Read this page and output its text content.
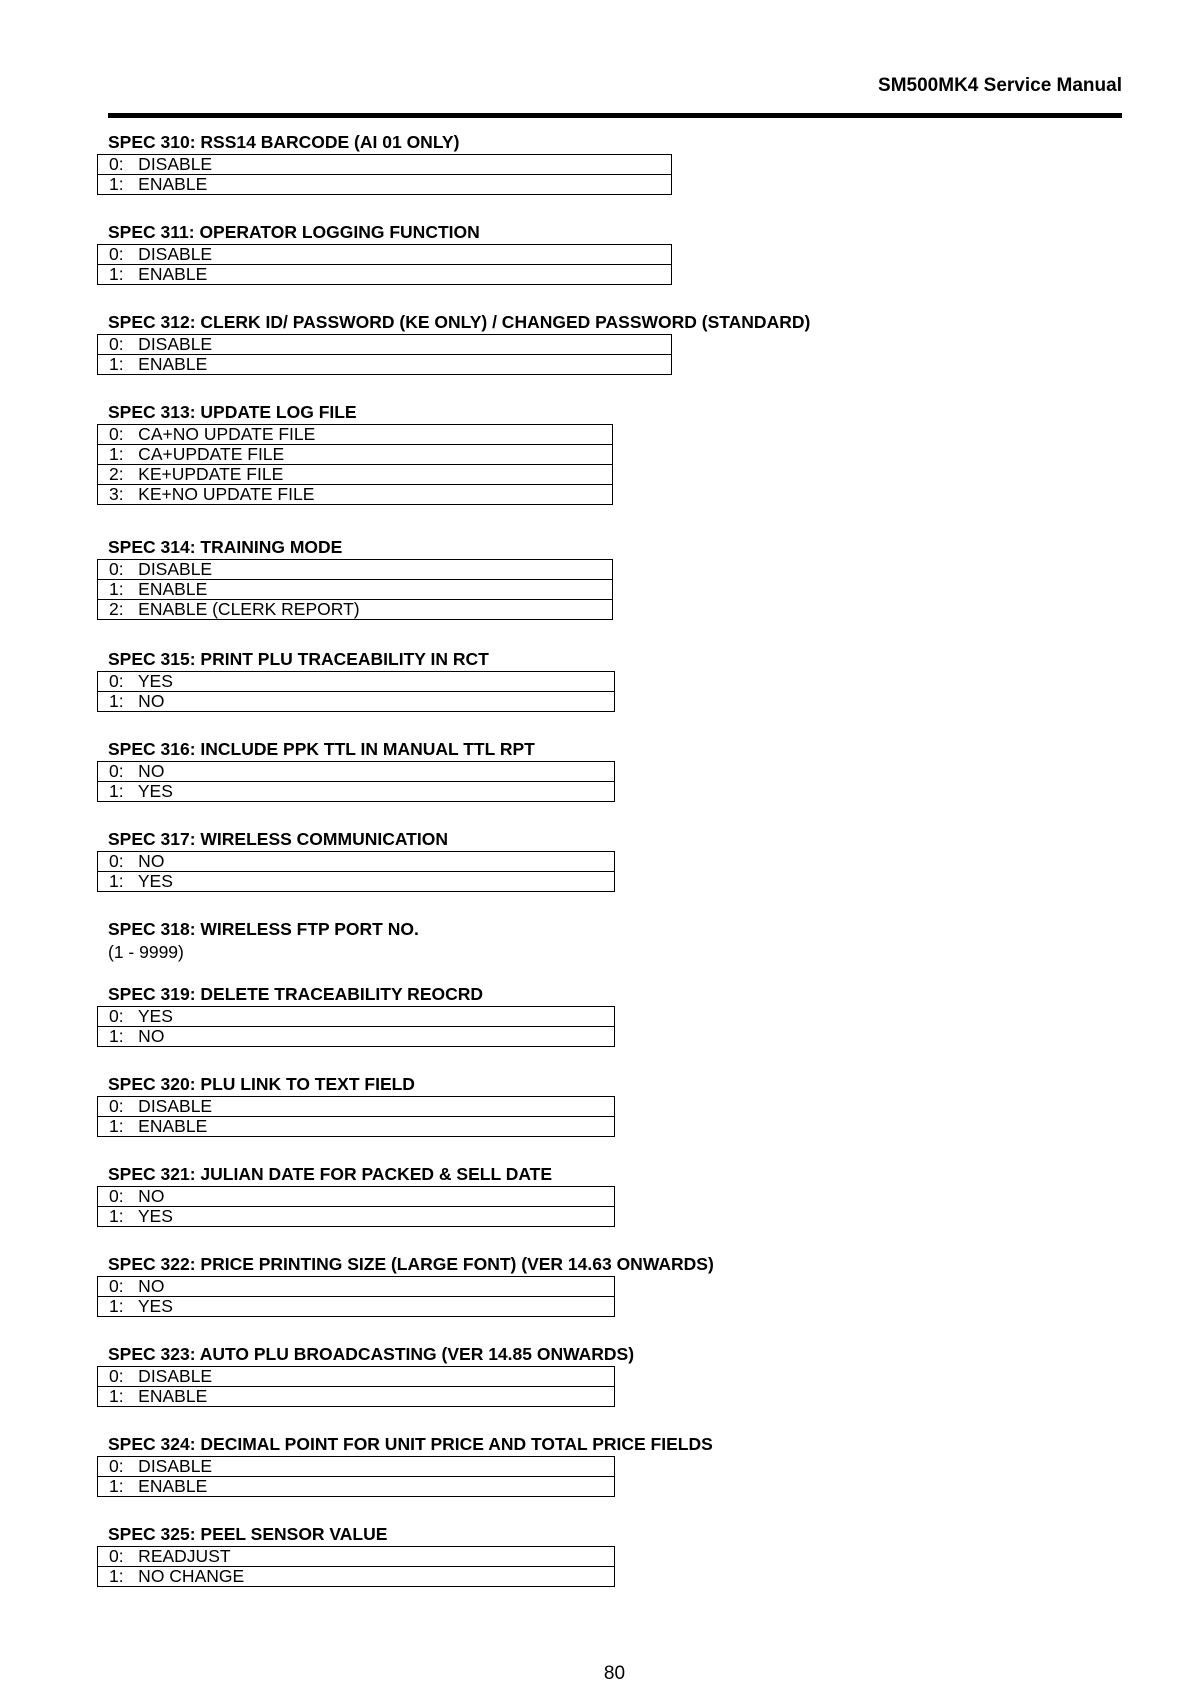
SM500MK4 Service Manual
SPEC 310: RSS14 BARCODE (AI 01 ONLY)
0:   DISABLE
1:   ENABLE
SPEC 311: OPERATOR LOGGING FUNCTION
0:   DISABLE
1:   ENABLE
SPEC 312: CLERK ID/ PASSWORD (KE ONLY) / CHANGED PASSWORD (STANDARD)
0:   DISABLE
1:   ENABLE
SPEC 313: UPDATE LOG FILE
0:   CA+NO UPDATE FILE
1:   CA+UPDATE FILE
2:   KE+UPDATE FILE
3:   KE+NO UPDATE FILE
SPEC 314: TRAINING MODE
0:   DISABLE
1:   ENABLE
2:   ENABLE (CLERK REPORT)
SPEC 315: PRINT PLU TRACEABILITY IN RCT
0:   YES
1:   NO
SPEC 316: INCLUDE PPK TTL IN MANUAL TTL RPT
0:   NO
1:   YES
SPEC 317: WIRELESS COMMUNICATION
0:   NO
1:   YES
SPEC 318: WIRELESS FTP PORT NO.
(1 - 9999)
SPEC 319: DELETE TRACEABILITY REOCRD
0:   YES
1:   NO
SPEC 320: PLU LINK TO TEXT FIELD
0:   DISABLE
1:   ENABLE
SPEC 321: JULIAN DATE FOR PACKED & SELL DATE
0:   NO
1:   YES
SPEC 322: PRICE PRINTING SIZE (LARGE FONT) (VER 14.63 ONWARDS)
0:   NO
1:   YES
SPEC 323: AUTO PLU BROADCASTING (VER 14.85 ONWARDS)
0:   DISABLE
1:   ENABLE
SPEC 324: DECIMAL POINT FOR UNIT PRICE AND TOTAL PRICE FIELDS
0:   DISABLE
1:   ENABLE
SPEC 325: PEEL SENSOR VALUE
0:   READJUST
1:   NO CHANGE
80
